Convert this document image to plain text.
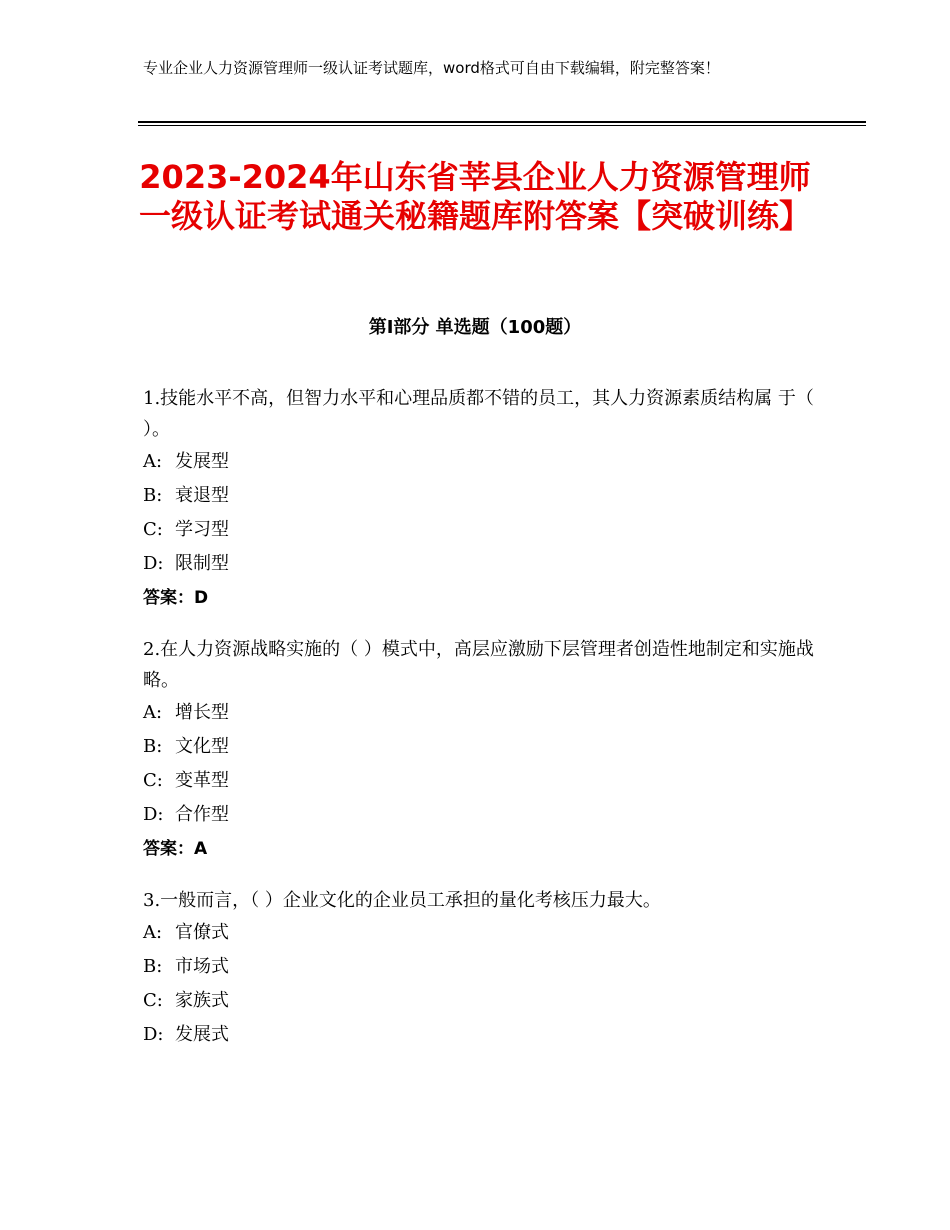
专业企业人力资源管理师一级认证考试题库，word格式可自由下载编辑，附完整答案！
2023-2024年山东省莘县企业人力资源管理师一级认证考试通关秘籍题库附答案【突破训练】
第I部分 单选题（100题）
1.技能水平不高，但智力水平和心理品质都不错的员工，其人力资源素质结构属 于（ ）。
A: 发展型
B: 衰退型
C: 学习型
D: 限制型
答案：D
2.在人力资源战略实施的（ ）模式中，高层应激励下层管理者创造性地制定和实施战略。
A: 增长型
B: 文化型
C: 变革型
D: 合作型
答案：A
3.一般而言，（ ）企业文化的企业员工承担的量化考核压力最大。
A: 官僚式
B: 市场式
C: 家族式
D: 发展式
